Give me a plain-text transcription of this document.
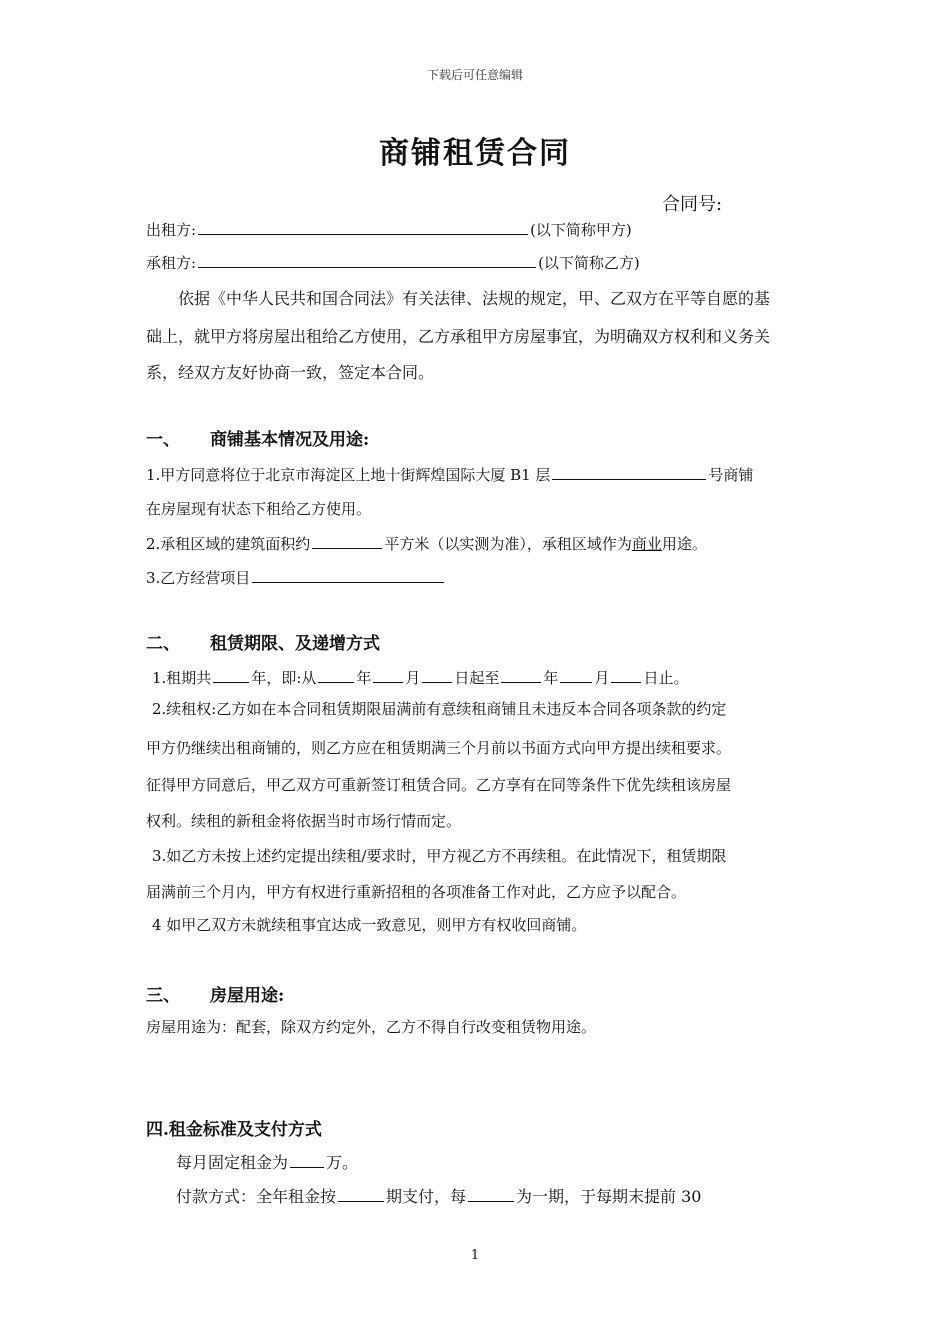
下载后可任意编辑
商铺租赁合同
合同号:
出租方:	(以下简称甲方)
承租方:	(以下简称乙方)
依据《中华人民共和国合同法》有关法律、法规的规定，甲、乙双方在平等自愿的基
础上，就甲方将房屋出租给乙方使用，乙方承租甲方房屋事宜，为明确双方权利和义务关
系，经双方友好协商一致，签定本合同。
一、 商铺基本情况及用途:
1.甲方同意将位于北京市海淀区上地十街辉煌国际大厦 B1 层	号商铺
在房屋现有状态下租给乙方使用。
2.承租区域的建筑面积约	平方米（以实测为准），承租区域作为商业用途。
3.乙方经营项目
二、 租赁期限、及递增方式
1.租期共	年，即:从	年 月 日起至	年 月 日止。
2.续租权:乙方如在本合同租赁期限届满前有意续租商铺且未违反本合同各项条款的约定
甲方仍继续出租商铺的，则乙方应在租赁期满三个月前以书面方式向甲方提出续租要求。
征得甲方同意后，甲乙双方可重新签订租赁合同。乙方享有在同等条件下优先续租该房屋
权利。续租的新租金将依据当时市场行情而定。
3.如乙方未按上述约定提出续租/要求时，甲方视乙方不再续租。在此情况下，租赁期限
届满前三个月内，甲方有权进行重新招租的各项准备工作对此，乙方应予以配合。
4 如甲乙双方未就续租事宜达成一致意见，则甲方有权收回商铺。
三、 房屋用途:
房屋用途为：配套，除双方约定外，乙方不得自行改变租赁物用途。
四.租金标准及支付方式
每月固定租金为 万。
付款方式：全年租金按	期支付，每	为一期，于每期末提前 30
1
